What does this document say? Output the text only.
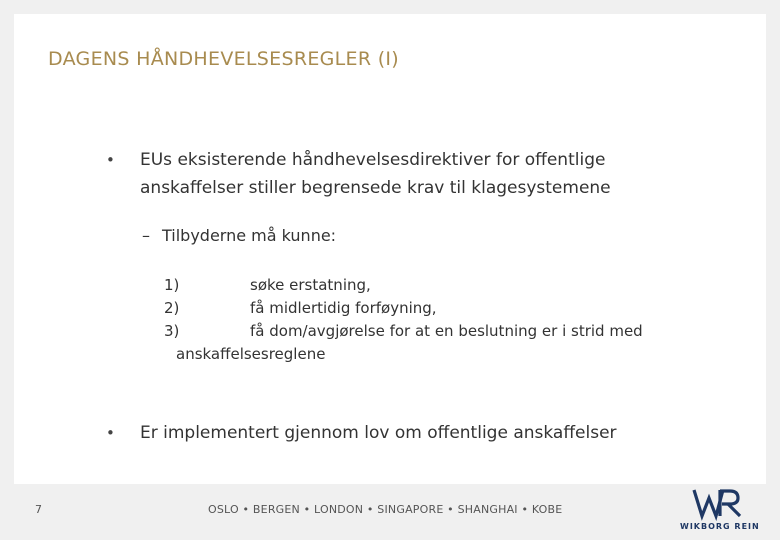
DAGENS HÅNDHEVELSESREGLER (I)
• EUs eksisterende håndhevelsesdirektiver for offentlige anskaffelser stiller begrensede krav til klagesystemene
– Tilbyderne må kunne:
1)	søke erstatning,
2)	få midlertidig forføyning,
3)	få dom/avgjørelse for at en beslutning er i strid med
anskaffelsesreglene
• Er implementert gjennom lov om offentlige anskaffelser
7	OSLO • BERGEN • LONDON • SINGAPORE • SHANGHAI • KOBE
WIKBORG REIN
